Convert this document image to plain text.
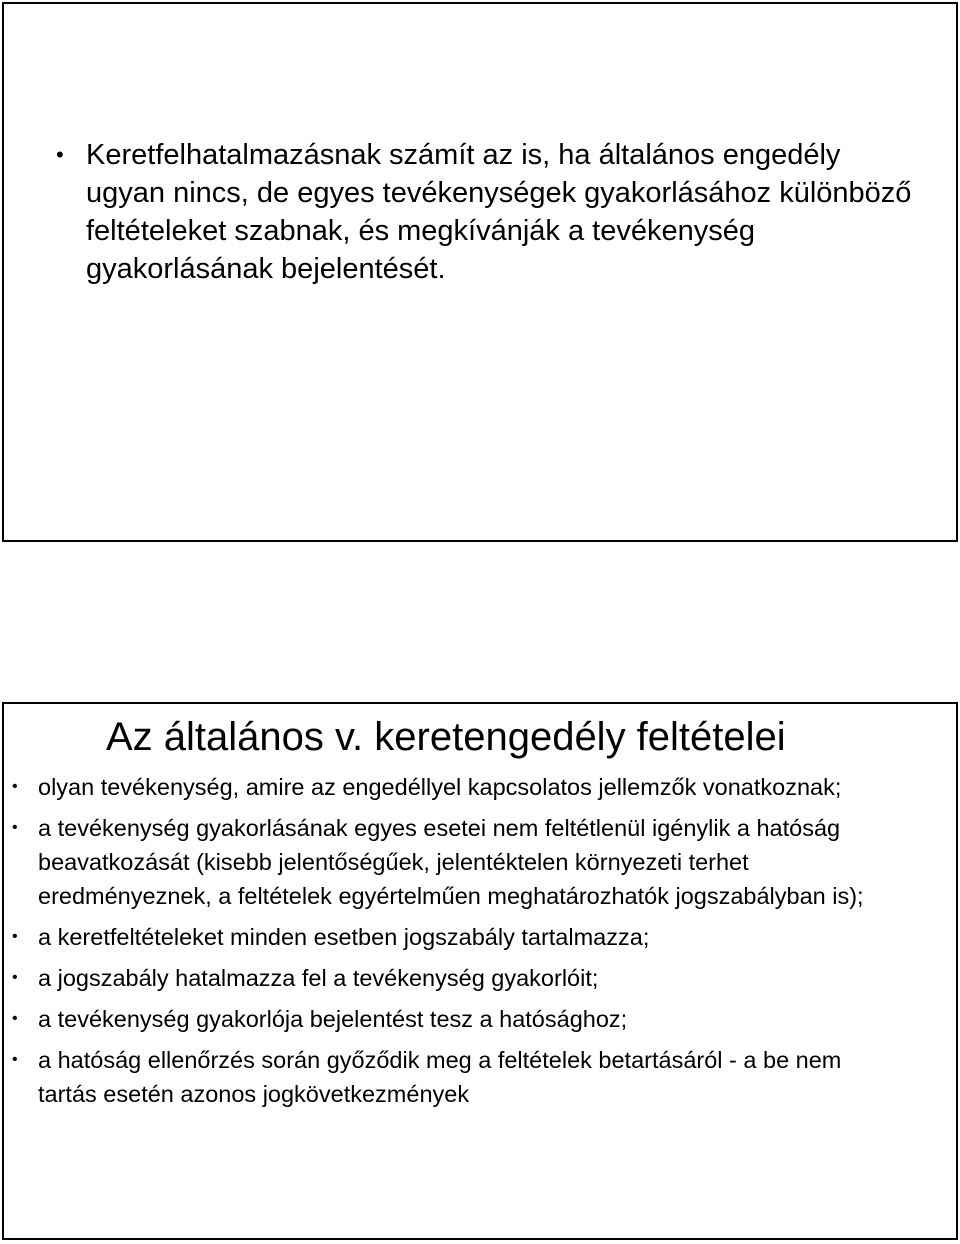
• Keretfelhatalmazásnak számít az is, ha általános engedély ugyan nincs, de egyes tevékenységek gyakorlásához különböző feltételeket szabnak, és megkívánják a tevékenység gyakorlásának bejelentését.
Az általános v. keretengedély feltételei
• olyan tevékenység, amire az engedéllyel kapcsolatos jellemzők vonatkoznak;
• a tevékenység gyakorlásának egyes esetei nem feltétlenül igénylik a hatóság beavatkozását (kisebb jelentőségűek, jelentéktelen környezeti terhet eredményeznek, a feltételek egyértelműen meghatározhatók jogszabályban is);
• a keretfeltételeket minden esetben jogszabály tartalmazza;
• a jogszabály hatalmazza fel a tevékenység gyakorlóit;
• a tevékenység gyakorlója bejelentést tesz a hatósághoz;
• a hatóság ellenőrzés során győződik meg a feltételek betartásáról - a be nem tartás esetén azonos jogkövetkezmények
